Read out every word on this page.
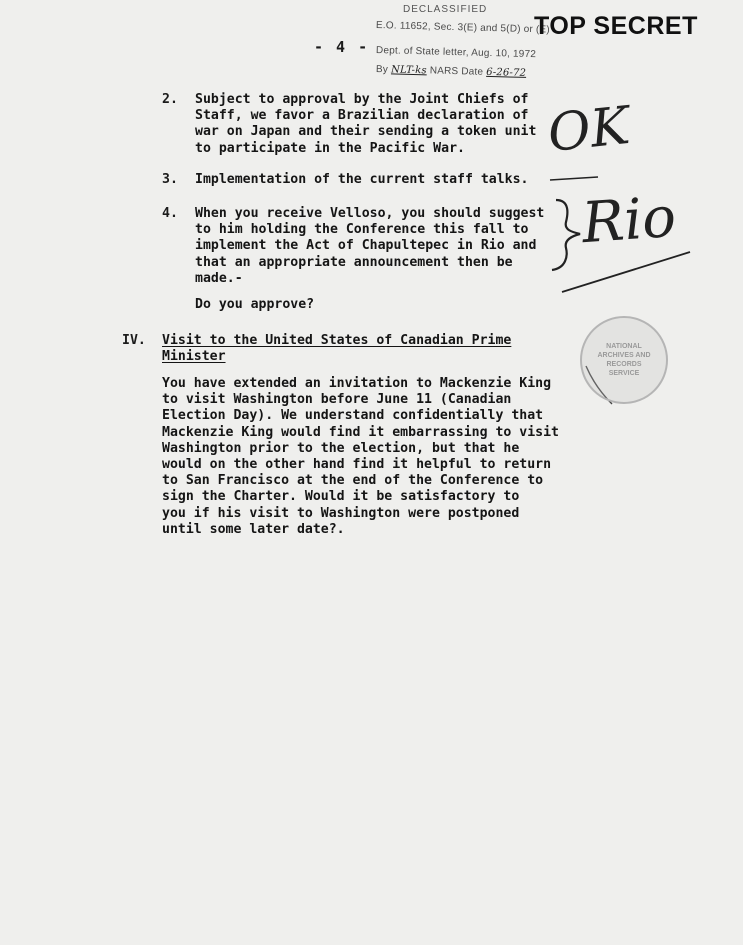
DECLASSIFIED
E.O. 11652, Sec. 3(E) and 5(D) or (E)
Dept. of State letter, Aug. 10, 1972
By NLT-ks NARS Date 6-26-72
TOP SECRET
- 4 -
2. Subject to approval by the Joint Chiefs of
Staff, we favor a Brazilian declaration of
war on Japan and their sending a token unit
to participate in the Pacific War.
3. Implementation of the current staff talks.
4. When you receive Velloso, you should suggest
to him holding the Conference this fall to
implement the Act of Chapultepec in Rio and
that an appropriate announcement then be
made.-
Do you approve?
IV. Visit to the United States of Canadian Prime
Minister
You have extended an invitation to Mackenzie King
to visit Washington before June 11 (Canadian
Election Day). We understand confidentially that
Mackenzie King would find it embarrassing to visit
Washington prior to the election, but that he
would on the other hand find it helpful to return
to San Francisco at the end of the Conference to
sign the Charter. Would it be satisfactory to
you if his visit to Washington were postponed
until some later date?.
OK
Rio
NATIONAL
ARCHIVES AND
RECORDS
SERVICE
